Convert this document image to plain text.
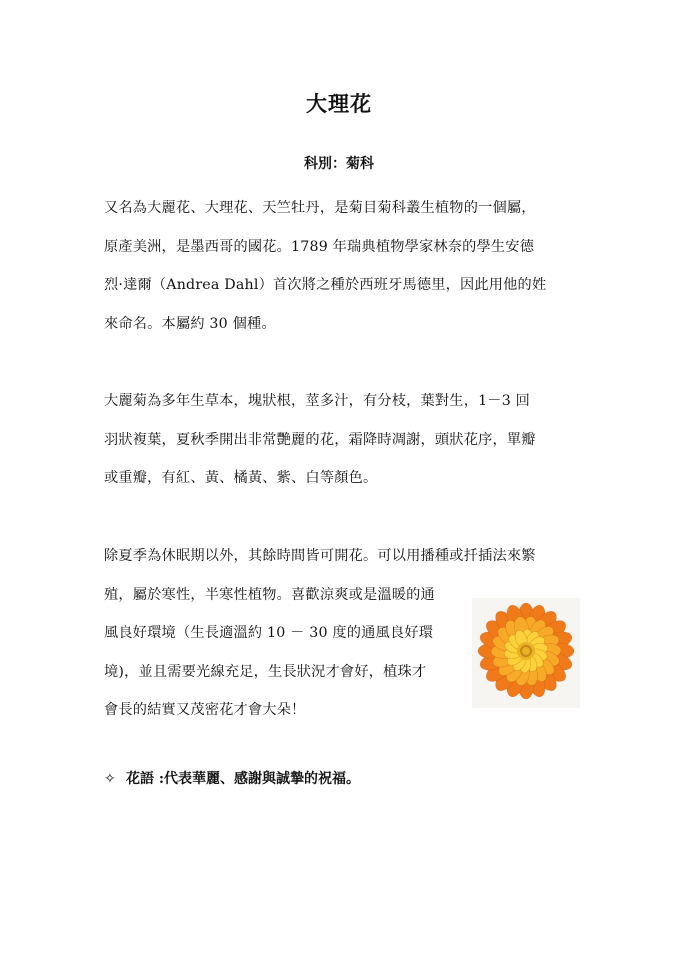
大理花
科別：菊科
又名為大麗花、大理花、天竺牡丹，是菊目菊科叢生植物的一個屬，
原產美洲，是墨西哥的國花。1789 年瑞典植物學家林奈的學生安德
烈·達爾（Andrea Dahl）首次將之種於西班牙馬德里，因此用他的姓
來命名。本屬約 30 個種。
大麗菊為多年生草本，塊狀根，莖多汁，有分枝，葉對生，1－3 回
羽狀複葉，夏秋季開出非常艷麗的花，霜降時凋謝，頭狀花序，單瓣
或重瓣，有紅、黃、橘黃、紫、白等顏色。
除夏季為休眠期以外，其餘時間皆可開花。可以用播種或扦插法來繁
殖，屬於寒性，半寒性植物。喜歡涼爽或是溫暖的通
風良好環境（生長適溫約 10 － 30 度的通風良好環
境)，並且需要光線充足，生長狀況才會好，植珠才
會長的結實又茂密花才會大朵！
✧ 花語 :代表華麗、感謝與誠摯的祝福。
